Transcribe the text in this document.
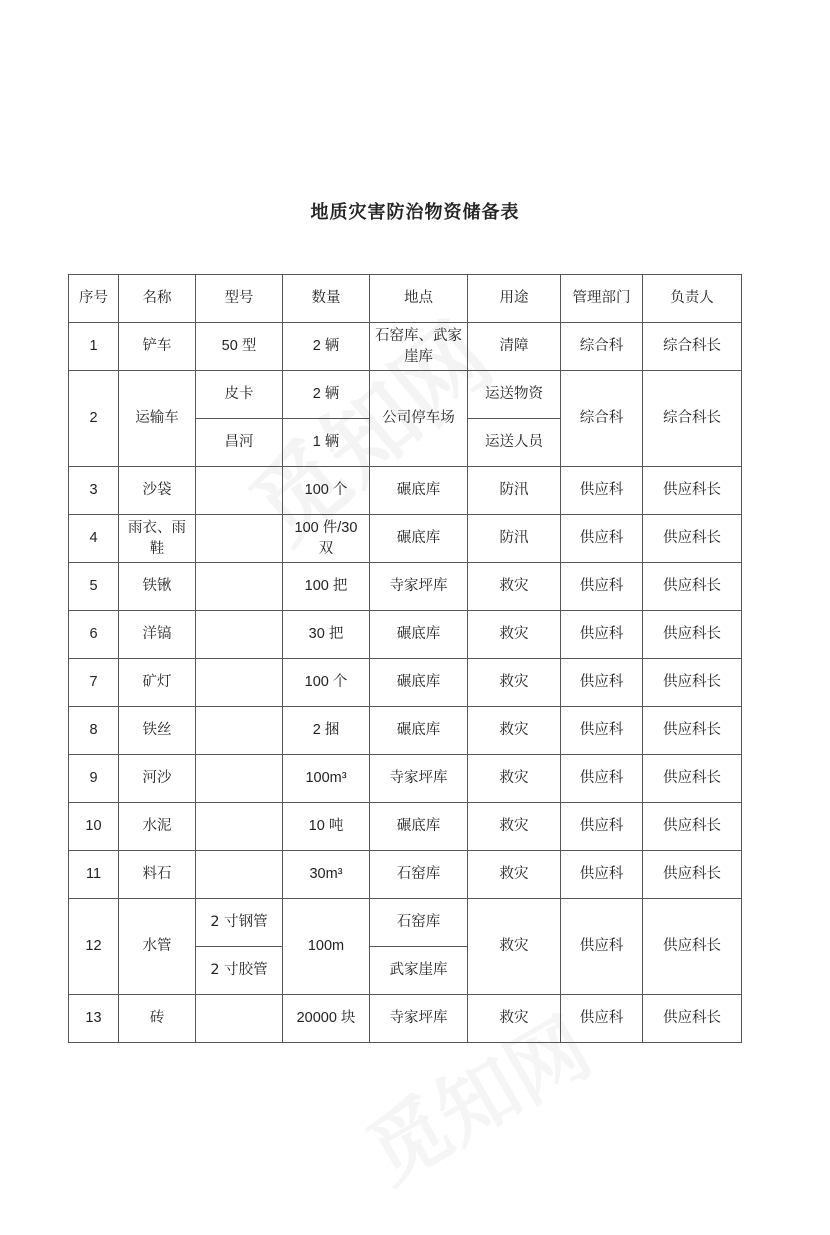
地质灾害防治物资储备表
序号	名称	型号	数量	地点	用途	管理部门	负责人
1	铲车	50 型	2 辆	石窑库、武家崖库	清障	综合科	综合科长
2	运输车	皮卡	2 辆	公司停车场	运送物资	综合科	综合科长
		昌河	1 辆		运送人员		
3	沙袋		100 个	碾底库	防汛	供应科	供应科长
4	雨衣、雨鞋		100 件/30 双	碾底库	防汛	供应科	供应科长
5	铁锹		100 把	寺家坪库	救灾	供应科	供应科长
6	洋镐		30 把	碾底库	救灾	供应科	供应科长
7	矿灯		100 个	碾底库	救灾	供应科	供应科长
8	铁丝		2 捆	碾底库	救灾	供应科	供应科长
9	河沙		100m³	寺家坪库	救灾	供应科	供应科长
10	水泥		10 吨	碾底库	救灾	供应科	供应科长
11	料石		30m³	石窑库	救灾	供应科	供应科长
12	水管	2 寸钢管	100m	石窑库	救灾	供应科	供应科长
		2 寸胶管		武家崖库			
13	砖		20000 块	寺家坪库	救灾	供应科	供应科长
